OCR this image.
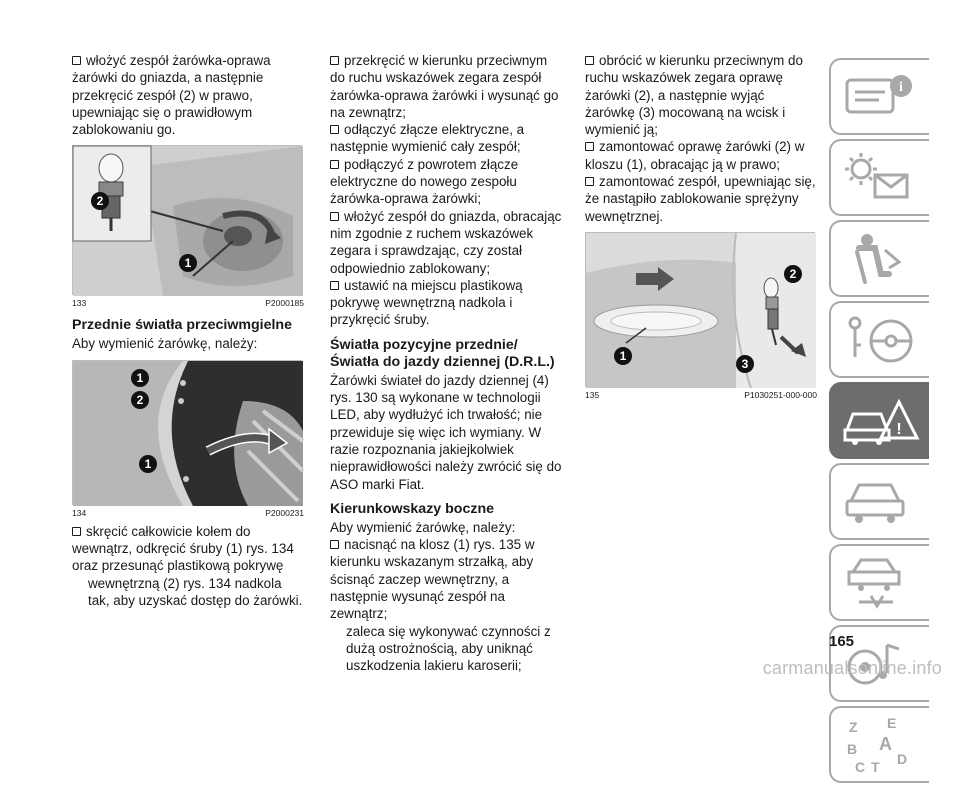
włożyć zespół żarówka-oprawa żarówki do gniazda, a następnie przekręcić zespół (2) w prawo, upewniając się o prawidłowym zablokowaniu go.

2
1
133	P2000185
Przednie światła przeciwmgielne

Aby wymienić żarówkę, należy:

1
2
1
134	P2000231

skręcić całkowicie kołem do wewnątrz, odkręcić śruby (1) rys. 134 oraz przesunąć plastikową pokrywę

wewnętrzną (2) rys. 134 nadkola tak, aby uzyskać dostęp do żarówki.

przekręcić w kierunku przeciwnym do ruchu wskazówek zegara zespół żarówka-oprawa żarówki i wysunąć go na zewnątrz;

odłączyć złącze elektryczne, a następnie wymienić cały zespół;

podłączyć z powrotem złącze elektryczne do nowego zespołu żarówka-oprawa żarówki;

włożyć zespół do gniazda, obracając nim zgodnie z ruchem wskazówek zegara i sprawdzając, czy został odpowiednio zablokowany;

ustawić na miejscu plastikową pokrywę wewnętrzną nadkola i przykręcić śruby.

Światła pozycyjne przednie/Światła do jazdy dziennej (D.R.L.)

Żarówki świateł do jazdy dziennej (4) rys. 130 są wykonane w technologii LED, aby wydłużyć ich trwałość; nie przewiduje się więc ich wymiany. W razie rozpoznania jakiejkolwiek nieprawidłowości należy zwrócić się do ASO marki Fiat.

Kierunkowskazy boczne

Aby wymienić żarówkę, należy:

nacisnąć na klosz (1) rys. 135 w kierunku wskazanym strzałką, aby ścisnąć zaczep wewnętrzny, a następnie wysunąć zespół na zewnątrz;

zaleca się wykonywać czynności z dużą ostrożnością, aby uniknąć uszkodzenia lakieru karoserii;

obrócić w kierunku przeciwnym do ruchu wskazówek zegara oprawę żarówki (2), a następnie wyjąć żarówkę (3) mocowaną na wcisk i wymienić ją;

zamontować oprawę żarówki (2) w kloszu (1), obracając ją w prawo;

zamontować zespół, upewniając się, że nastąpiło zablokowanie sprężyny wewnętrznej.

2
1
3
135	P1030251-000-000
i
!
Z E
B A
C T D
165
carmanualsonline.info
